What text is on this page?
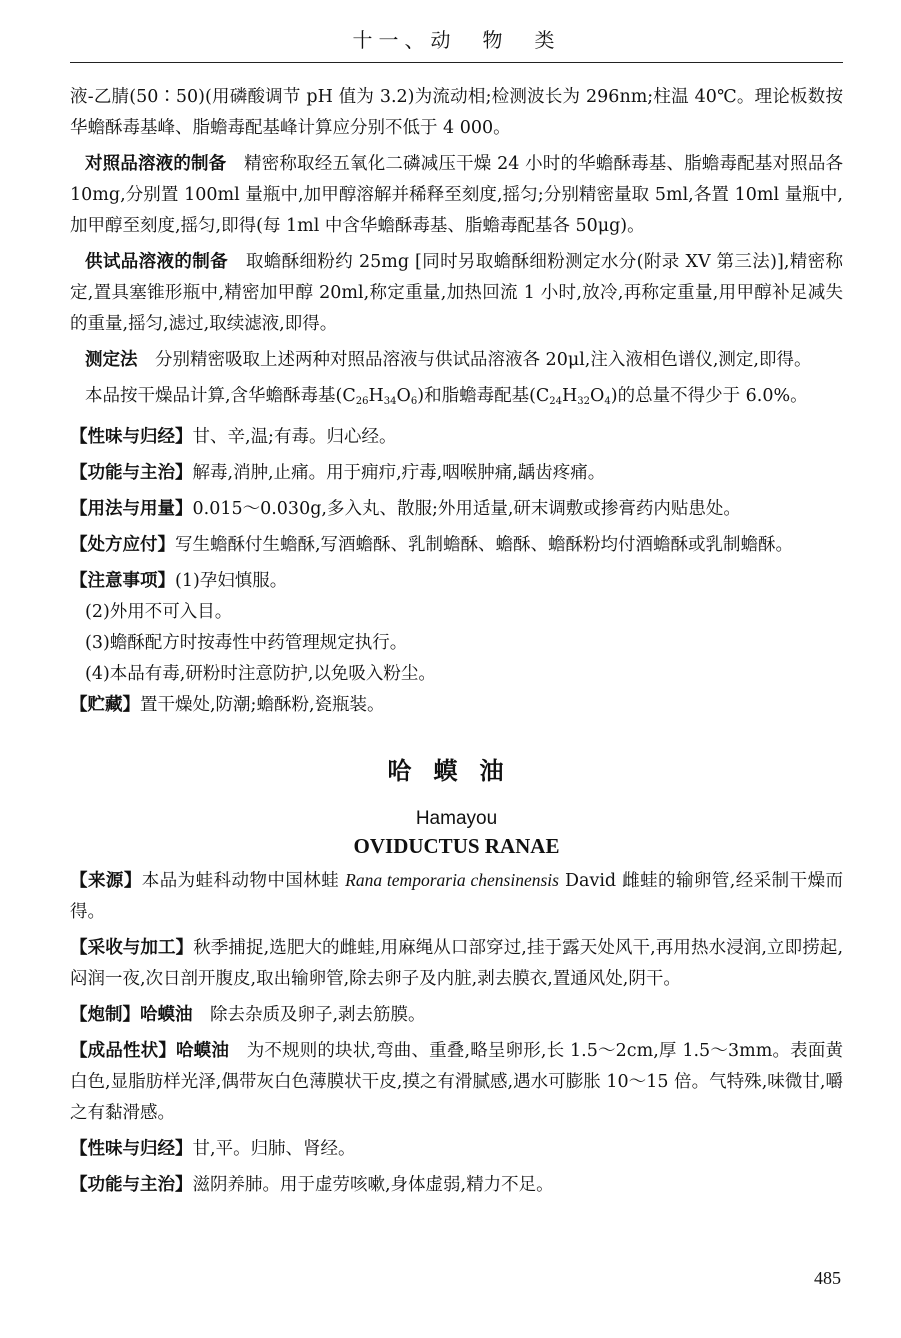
十一、动　物　类

液-乙腈(50∶50)(用磷酸调节 pH 值为 3.2)为流动相;检测波长为 296nm;柱温 40℃。理论板数按华蟾酥毒基峰、脂蟾毒配基峰计算应分别不低于 4 000。

对照品溶液的制备　精密称取经五氧化二磷减压干燥 24 小时的华蟾酥毒基、脂蟾毒配基对照品各 10mg,分别置 100ml 量瓶中,加甲醇溶解并稀释至刻度,摇匀;分别精密量取 5ml,各置 10ml 量瓶中,加甲醇至刻度,摇匀,即得(每 1ml 中含华蟾酥毒基、脂蟾毒配基各 50μg)。

供试品溶液的制备　取蟾酥细粉约 25mg [同时另取蟾酥细粉测定水分(附录 XV 第三法)],精密称定,置具塞锥形瓶中,精密加甲醇 20ml,称定重量,加热回流 1 小时,放冷,再称定重量,用甲醇补足减失的重量,摇匀,滤过,取续滤液,即得。

测定法　分别精密吸取上述两种对照品溶液与供试品溶液各 20μl,注入液相色谱仪,测定,即得。

本品按干燥品计算,含华蟾酥毒基$(C_{26}H_{34}O_6)$和脂蟾毒配基$(C_{24}H_{32}O_4)$的总量不得少于 6.0%。

【性味与归经】甘、辛,温;有毒。归心经。

【功能与主治】解毒,消肿,止痛。用于痈疖,疔毒,咽喉肿痛,龋齿疼痛。

【用法与用量】0.015～0.030g,多入丸、散服;外用适量,研末调敷或掺膏药内贴患处。

【处方应付】写生蟾酥付生蟾酥,写酒蟾酥、乳制蟾酥、蟾酥、蟾酥粉均付酒蟾酥或乳制蟾酥。

【注意事项】(1)孕妇慎服。

(2)外用不可入目。

(3)蟾酥配方时按毒性中药管理规定执行。

(4)本品有毒,研粉时注意防护,以免吸入粉尘。

【贮藏】置干燥处,防潮;蟾酥粉,瓷瓶装。

哈蟆油
Hamayou
OVIDUCTUS RANAE

【来源】本品为蛙科动物中国林蛙 Rana temporaria chensinensis David 雌蛙的输卵管,经采制干燥而得。

【采收与加工】秋季捕捉,选肥大的雌蛙,用麻绳从口部穿过,挂于露天处风干,再用热水浸润,立即捞起,闷润一夜,次日剖开腹皮,取出输卵管,除去卵子及内脏,剥去膜衣,置通风处,阴干。

【炮制】哈蟆油　除去杂质及卵子,剥去筋膜。

【成品性状】哈蟆油　为不规则的块状,弯曲、重叠,略呈卵形,长 1.5～2cm,厚 1.5～3mm。表面黄白色,显脂肪样光泽,偶带灰白色薄膜状干皮,摸之有滑腻感,遇水可膨胀 10～15 倍。气特殊,味微甘,嚼之有黏滑感。

【性味与归经】甘,平。归肺、肾经。

【功能与主治】滋阴养肺。用于虚劳咳嗽,身体虚弱,精力不足。

485
